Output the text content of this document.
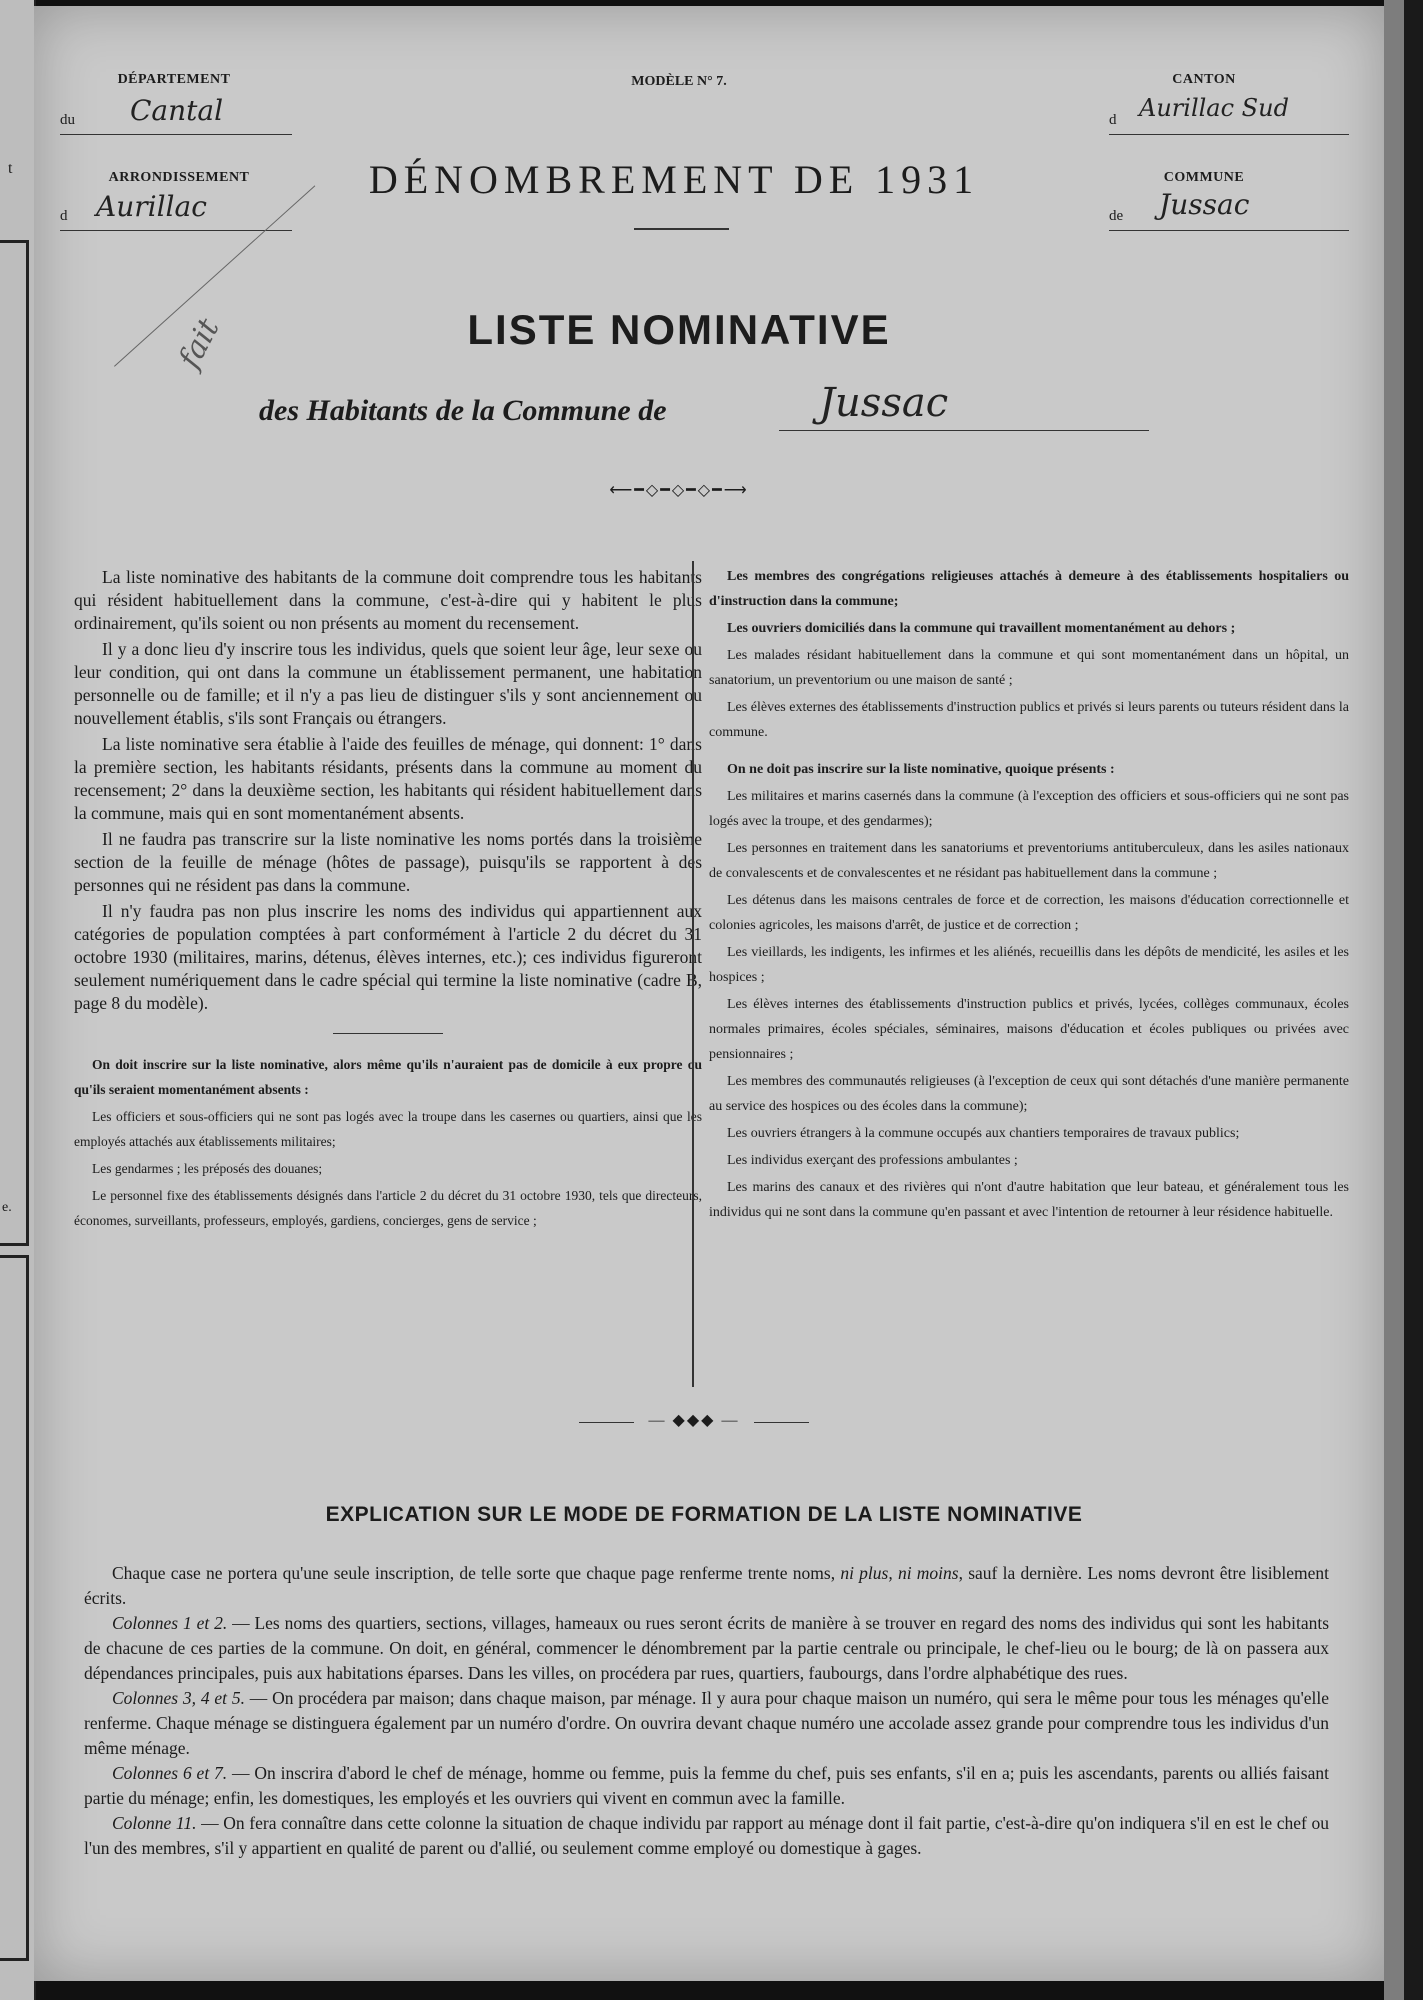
t
e.
DÉPARTEMENT
du Cantal
ARRONDISSEMENT
d Aurillac
MODÈLE N° 7.
DÉNOMBREMENT DE 1931
CANTON
d Aurillac Sud
COMMUNE
de Jussac
fait	LISTE NOMINATIVE
des Habitants de la Commune de	Jussac
⟵━◇━◇━◇━⟶

La liste nominative des habitants de la commune doit comprendre tous les habitants qui résident habituellement dans la commune, c'est-à-dire qui y habitent le plus ordinairement, qu'ils soient ou non présents au moment du recensement.

Il y a donc lieu d'y inscrire tous les individus, quels que soient leur âge, leur sexe ou leur condition, qui ont dans la commune un établissement permanent, une habitation personnelle ou de famille; et il n'y a pas lieu de distinguer s'ils y sont anciennement ou nouvellement établis, s'ils sont Français ou étrangers.

La liste nominative sera établie à l'aide des feuilles de ménage, qui donnent: 1° dans la première section, les habitants résidants, présents dans la commune au moment du recensement; 2° dans la deuxième section, les habitants qui résident habituellement dans la commune, mais qui en sont momentanément absents.

Il ne faudra pas transcrire sur la liste nominative les noms portés dans la troisième section de la feuille de ménage (hôtes de passage), puisqu'ils se rapportent à des personnes qui ne résident pas dans la commune.

Il n'y faudra pas non plus inscrire les noms des individus qui appartiennent aux catégories de population comptées à part conformément à l'article 2 du décret du 31 octobre 1930 (militaires, marins, détenus, élèves internes, etc.); ces individus figureront seulement numériquement dans le cadre spécial qui termine la liste nominative (cadre B, page 8 du modèle).

On doit inscrire sur la liste nominative, alors même qu'ils n'auraient pas de domicile à eux propre ou qu'ils seraient momentanément absents :

Les officiers et sous-officiers qui ne sont pas logés avec la troupe dans les casernes ou quartiers, ainsi que les employés attachés aux établissements militaires;

Les gendarmes ; les préposés des douanes;

Le personnel fixe des établissements désignés dans l'article 2 du décret du 31 octobre 1930, tels que directeurs, économes, surveillants, professeurs, employés, gardiens, concierges, gens de service ;

Les membres des congrégations religieuses attachés à demeure à des établissements hospitaliers ou d'instruction dans la commune;

Les ouvriers domiciliés dans la commune qui travaillent momentanément au dehors ;

Les malades résidant habituellement dans la commune et qui sont momentanément dans un hôpital, un sanatorium, un preventorium ou une maison de santé ;

Les élèves externes des établissements d'instruction publics et privés si leurs parents ou tuteurs résident dans la commune.

On ne doit pas inscrire sur la liste nominative, quoique présents :

Les militaires et marins casernés dans la commune (à l'exception des officiers et sous-officiers qui ne sont pas logés avec la troupe, et des gendarmes);

Les personnes en traitement dans les sanatoriums et preventoriums antituberculeux, dans les asiles nationaux de convalescents et de convalescentes et ne résidant pas habituellement dans la commune ;

Les détenus dans les maisons centrales de force et de correction, les maisons d'éducation correctionnelle et colonies agricoles, les maisons d'arrêt, de justice et de correction ;

Les vieillards, les indigents, les infirmes et les aliénés, recueillis dans les dépôts de mendicité, les asiles et les hospices ;

Les élèves internes des établissements d'instruction publics et privés, lycées, collèges communaux, écoles normales primaires, écoles spéciales, séminaires, maisons d'éducation et écoles publiques ou privées avec pensionnaires ;

Les membres des communautés religieuses (à l'exception de ceux qui sont détachés d'une manière permanente au service des hospices ou des écoles dans la commune);

Les ouvriers étrangers à la commune occupés aux chantiers temporaires de travaux publics;

Les individus exerçant des professions ambulantes ;

Les marins des canaux et des rivières qui n'ont d'autre habitation que leur bateau, et généralement tous les individus qui ne sont dans la commune qu'en passant et avec l'intention de retourner à leur résidence habituelle.

— ◆◆◆ —
EXPLICATION SUR LE MODE DE FORMATION DE LA LISTE NOMINATIVE

Chaque case ne portera qu'une seule inscription, de telle sorte que chaque page renferme trente noms, ni plus, ni moins, sauf la dernière. Les noms devront être lisiblement écrits.

Colonnes 1 et 2. — Les noms des quartiers, sections, villages, hameaux ou rues seront écrits de manière à se trouver en regard des noms des individus qui sont les habitants de chacune de ces parties de la commune. On doit, en général, commencer le dénombrement par la partie centrale ou principale, le chef-lieu ou le bourg; de là on passera aux dépendances principales, puis aux habitations éparses. Dans les villes, on procédera par rues, quartiers, faubourgs, dans l'ordre alphabétique des rues.

Colonnes 3, 4 et 5. — On procédera par maison; dans chaque maison, par ménage. Il y aura pour chaque maison un numéro, qui sera le même pour tous les ménages qu'elle renferme. Chaque ménage se distinguera également par un numéro d'ordre. On ouvrira devant chaque numéro une accolade assez grande pour comprendre tous les individus d'un même ménage.

Colonnes 6 et 7. — On inscrira d'abord le chef de ménage, homme ou femme, puis la femme du chef, puis ses enfants, s'il en a; puis les ascendants, parents ou alliés faisant partie du ménage; enfin, les domestiques, les employés et les ouvriers qui vivent en commun avec la famille.

Colonne 11. — On fera connaître dans cette colonne la situation de chaque individu par rapport au ménage dont il fait partie, c'est-à-dire qu'on indiquera s'il en est le chef ou l'un des membres, s'il y appartient en qualité de parent ou d'allié, ou seulement comme employé ou domestique à gages.
